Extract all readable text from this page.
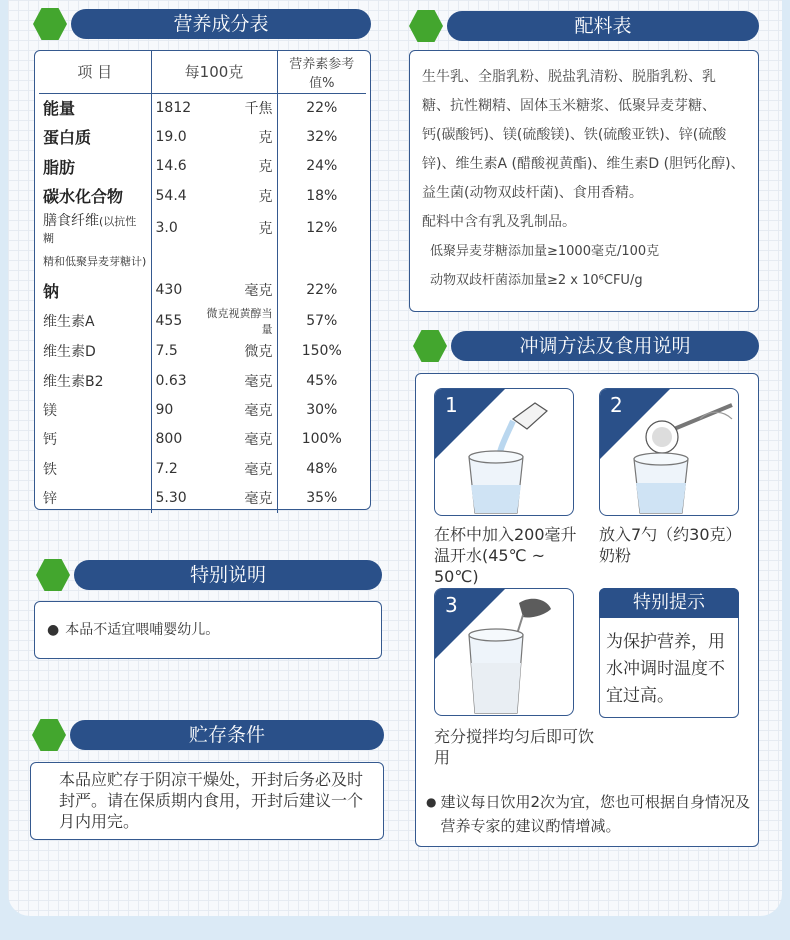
营养成分表
项 目	每100克		营养素参考值%
能量	1812	千焦	22%
蛋白质	19.0	克	32%
脂肪	14.6	克	24%
碳水化合物	54.4	克	18%
膳食纤维(以抗性糊	3.0	克	12%
精和低聚异麦芽糖计)			
钠	430	毫克	22%
维生素A	455	微克视黄醇当量	57%
维生素D	7.5	微克	150%
维生素B2	0.63	毫克	45%
镁	90	毫克	30%
钙	800	毫克	100%
铁	7.2	毫克	48%
锌	5.30	毫克	35%
特别说明
● 本品不适宜喂哺婴幼儿。
贮存条件

本品应贮存于阴凉干燥处，开封后务必及时封严。请在保质期内食用，开封后建议一个月内用完。

配料表

生牛乳、全脂乳粉、脱盐乳清粉、脱脂乳粉、乳

糖、抗性糊精、固体玉米糖浆、低聚异麦芽糖、

钙(碳酸钙)、镁(硫酸镁)、铁(硫酸亚铁)、锌(硫酸

锌)、维生素A (醋酸视黄酯)、维生素D (胆钙化醇)、

益生菌(动物双歧杆菌)、食用香精。

配料中含有乳及乳制品。

低聚异麦芽糖添加量≥1000毫克/100克

动物双歧杆菌添加量≥2 x 10⁶CFU/g

冲调方法及食用说明
1
在杯中加入200毫升温开水(45℃ ~ 50℃)
2
放入7勺（约30克）奶粉
3
充分搅拌均匀后即可饮用
特别提示

为保护营养，用水冲调时温度不宜过高。

● 建议每日饮用2次为宜，您也可根据自身情况及营养专家的建议酌情增减。
